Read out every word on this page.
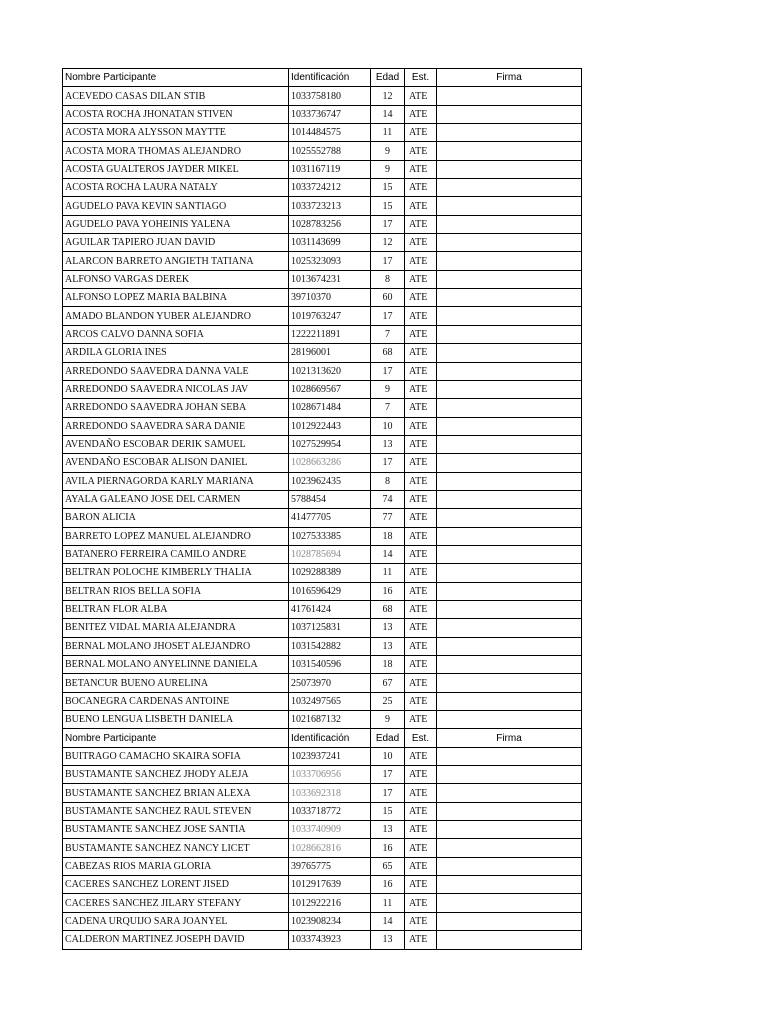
Nombre Participante	Identificación	Edad	Est.	Firma
ACEVEDO CASAS DILAN STIB	1033758180	12	ATE	
ACOSTA ROCHA JHONATAN STIVEN	1033736747	14	ATE	
ACOSTA MORA ALYSSON MAYTTE	1014484575	11	ATE	
ACOSTA MORA THOMAS ALEJANDRO	1025552788	9	ATE	
ACOSTA GUALTEROS JAYDER MIKEL	1031167119	9	ATE	
ACOSTA ROCHA LAURA NATALY	1033724212	15	ATE	
AGUDELO PAVA KEVIN SANTIAGO	1033723213	15	ATE	
AGUDELO PAVA YOHEINIS YALENA	1028783256	17	ATE	
AGUILAR TAPIERO JUAN DAVID	1031143699	12	ATE	
ALARCON BARRETO ANGIETH TATIANA	1025323093	17	ATE	
ALFONSO VARGAS DEREK	1013674231	8	ATE	
ALFONSO LOPEZ MARIA BALBINA	39710370	60	ATE	
AMADO BLANDON YUBER ALEJANDRO	1019763247	17	ATE	
ARCOS CALVO DANNA SOFIA	1222211891	7	ATE	
ARDILA GLORIA INES	28196001	68	ATE	
ARREDONDO SAAVEDRA DANNA VALE	1021313620	17	ATE	
ARREDONDO SAAVEDRA NICOLAS JAV	1028669567	9	ATE	
ARREDONDO SAAVEDRA JOHAN SEBA	1028671484	7	ATE	
ARREDONDO SAAVEDRA SARA DANIE	1012922443	10	ATE	
AVENDAÑO ESCOBAR DERIK SAMUEL	1027529954	13	ATE	
AVENDAÑO ESCOBAR ALISON DANIEL	1028663286	17	ATE	
AVILA PIERNAGORDA KARLY MARIANA	1023962435	8	ATE	
AYALA GALEANO JOSE DEL CARMEN	5788454	74	ATE	
BARON ALICIA	41477705	77	ATE	
BARRETO LOPEZ MANUEL ALEJANDRO	1027533385	18	ATE	
BATANERO FERREIRA CAMILO ANDRE	1028785694	14	ATE	
BELTRAN POLOCHE KIMBERLY THALIA	1029288389	11	ATE	
BELTRAN RIOS BELLA SOFIA	1016596429	16	ATE	
BELTRAN FLOR ALBA	41761424	68	ATE	
BENITEZ VIDAL MARIA ALEJANDRA	1037125831	13	ATE	
BERNAL MOLANO JHOSET ALEJANDRO	1031542882	13	ATE	
BERNAL MOLANO ANYELINNE DANIELA	1031540596	18	ATE	
BETANCUR BUENO AURELINA	25073970	67	ATE	
BOCANEGRA CARDENAS ANTOINE	1032497565	25	ATE	
BUENO LENGUA LISBETH DANIELA	1021687132	9	ATE	
Nombre Participante	Identificación	Edad	Est.	Firma
BUITRAGO CAMACHO SKAIRA SOFIA	1023937241	10	ATE	
BUSTAMANTE SANCHEZ JHODY ALEJA	1033706956	17	ATE	
BUSTAMANTE SANCHEZ BRIAN ALEXA	1033692318	17	ATE	
BUSTAMANTE SANCHEZ RAUL STEVEN	1033718772	15	ATE	
BUSTAMANTE SANCHEZ JOSE SANTIA	1033740909	13	ATE	
BUSTAMANTE SANCHEZ NANCY LICET	1028662816	16	ATE	
CABEZAS RIOS MARIA GLORIA	39765775	65	ATE	
CACERES SANCHEZ LORENT JISED	1012917639	16	ATE	
CACERES SANCHEZ JILARY STEFANY	1012922216	11	ATE	
CADENA URQUIJO SARA JOANYEL	1023908234	14	ATE	
CALDERON MARTINEZ JOSEPH DAVID	1033743923	13	ATE	
